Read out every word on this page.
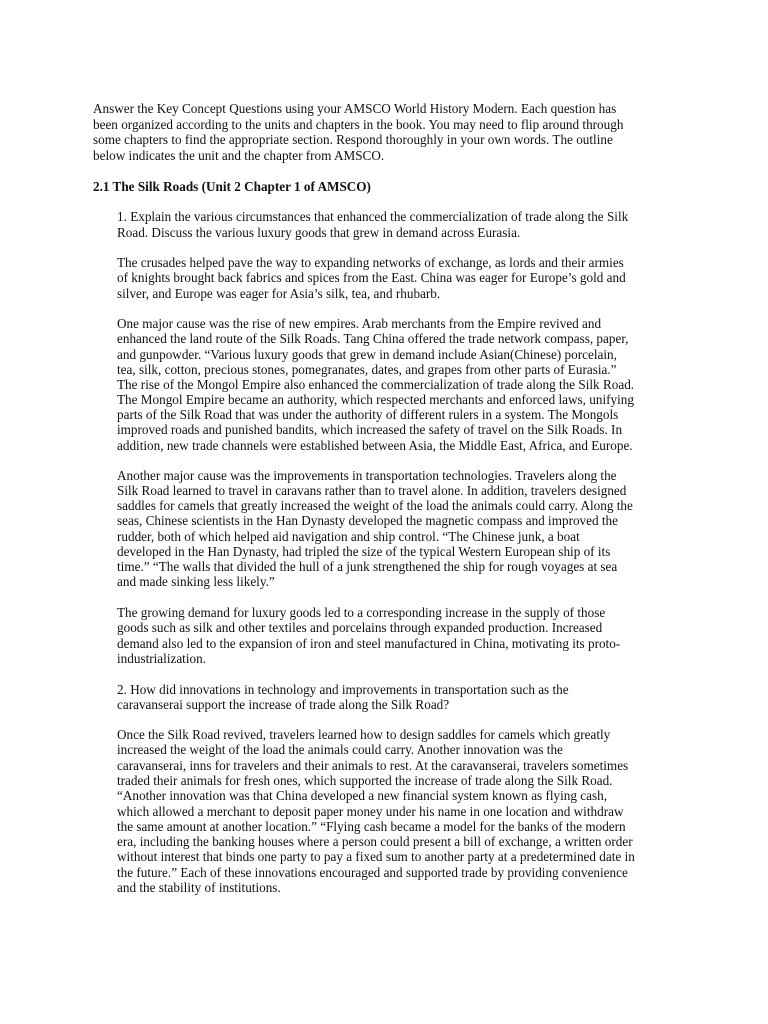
Answer the Key Concept Questions using your AMSCO World History Modern. Each question has
been organized according to the units and chapters in the book. You may need to flip around through
some chapters to find the appropriate section. Respond thoroughly in your own words. The outline
below indicates the unit and the chapter from AMSCO.
2.1 The Silk Roads (Unit 2 Chapter 1 of AMSCO)
1. Explain the various circumstances that enhanced the commercialization of trade along the Silk
Road. Discuss the various luxury goods that grew in demand across Eurasia.
The crusades helped pave the way to expanding networks of exchange, as lords and their armies
of knights brought back fabrics and spices from the East. China was eager for Europe’s gold and
silver, and Europe was eager for Asia’s silk, tea, and rhubarb.
One major cause was the rise of new empires. Arab merchants from the Empire revived and
enhanced the land route of the Silk Roads. Tang China offered the trade network compass, paper,
and gunpowder. “Various luxury goods that grew in demand include Asian(Chinese) porcelain,
tea, silk, cotton, precious stones, pomegranates, dates, and grapes from other parts of Eurasia.”
The rise of the Mongol Empire also enhanced the commercialization of trade along the Silk Road.
The Mongol Empire became an authority, which respected merchants and enforced laws, unifying
parts of the Silk Road that was under the authority of different rulers in a system. The Mongols
improved roads and punished bandits, which increased the safety of travel on the Silk Roads. In
addition, new trade channels were established between Asia, the Middle East, Africa, and Europe.
Another major cause was the improvements in transportation technologies. Travelers along the
Silk Road learned to travel in caravans rather than to travel alone. In addition, travelers designed
saddles for camels that greatly increased the weight of the load the animals could carry. Along the
seas, Chinese scientists in the Han Dynasty developed the magnetic compass and improved the
rudder, both of which helped aid navigation and ship control. “The Chinese junk, a boat
developed in the Han Dynasty, had tripled the size of the typical Western European ship of its
time.” “The walls that divided the hull of a junk strengthened the ship for rough voyages at sea
and made sinking less likely.”
The growing demand for luxury goods led to a corresponding increase in the supply of those
goods such as silk and other textiles and porcelains through expanded production. Increased
demand also led to the expansion of iron and steel manufactured in China, motivating its proto-
industrialization.
2. How did innovations in technology and improvements in transportation such as the
caravanserai support the increase of trade along the Silk Road?
Once the Silk Road revived, travelers learned how to design saddles for camels which greatly
increased the weight of the load the animals could carry. Another innovation was the
caravanserai, inns for travelers and their animals to rest. At the caravanserai, travelers sometimes
traded their animals for fresh ones, which supported the increase of trade along the Silk Road.
“Another innovation was that China developed a new financial system known as flying cash,
which allowed a merchant to deposit paper money under his name in one location and withdraw
the same amount at another location.” “Flying cash became a model for the banks of the modern
era, including the banking houses where a person could present a bill of exchange, a written order
without interest that binds one party to pay a fixed sum to another party at a predetermined date in
the future.” Each of these innovations encouraged and supported trade by providing convenience
and the stability of institutions.
